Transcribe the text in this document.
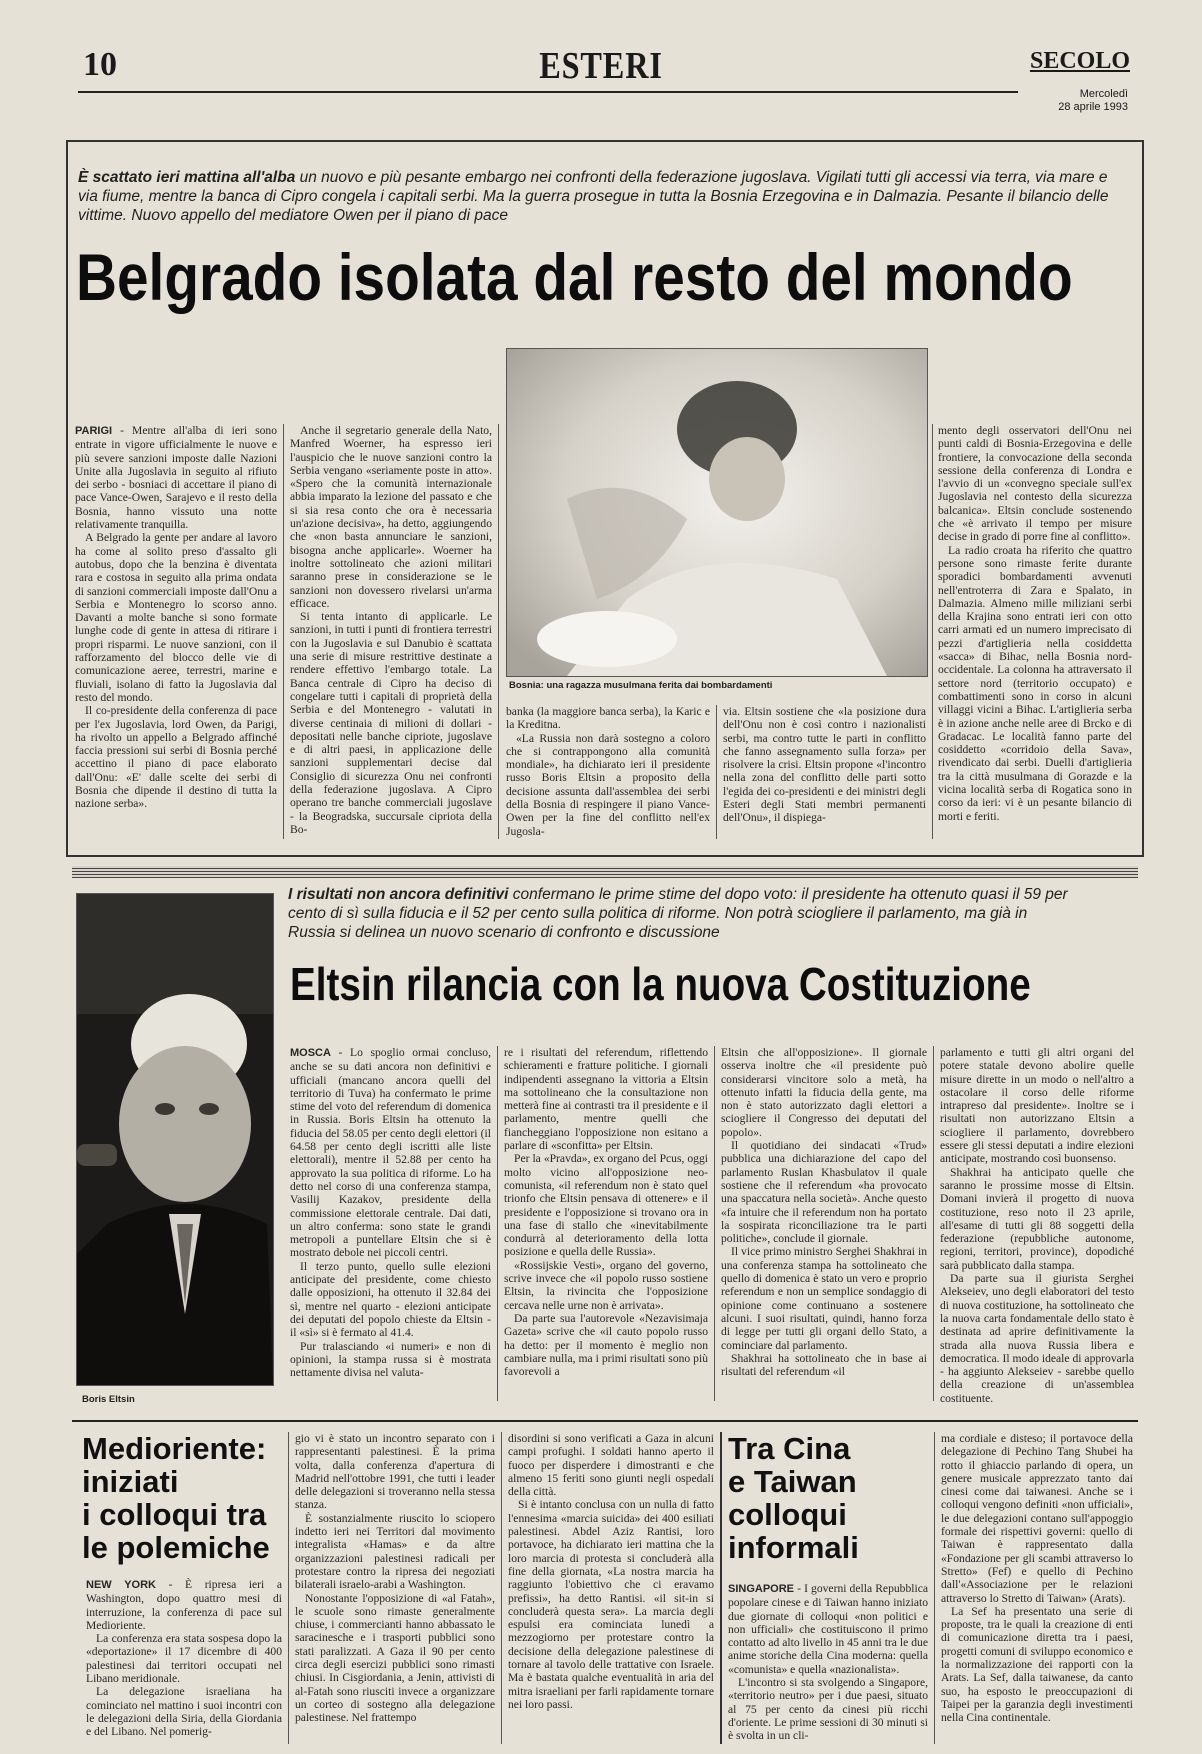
10	ESTERI	SECOLO
Mercoledì
28 aprile 1993
È scattato ieri mattina all'alba un nuovo e più pesante embargo nei confronti della federazione jugoslava. Vigilati tutti gli accessi via terra, via mare e via fiume, mentre la banca di Cipro congela i capitali serbi. Ma la guerra prosegue in tutta la Bosnia Erzegovina e in Dalmazia. Pesante il bilancio delle vittime. Nuovo appello del mediatore Owen per il piano di pace
Belgrado isolata dal resto del mondo
Bosnia: una ragazza musulmana ferita dai bombardamenti

PARIGI - Mentre all'alba di ieri sono entrate in vigore ufficialmente le nuove e più severe sanzioni imposte dalle Nazioni Unite alla Jugoslavia in seguito al rifiuto dei serbo - bosniaci di accettare il piano di pace Vance-Owen, Sarajevo e il resto della Bosnia, hanno vissuto una notte relativamente tranquilla.

A Belgrado la gente per andare al lavoro ha come al solito preso d'assalto gli autobus, dopo che la benzina è diventata rara e costosa in seguito alla prima ondata di sanzioni commerciali imposte dall'Onu a Serbia e Montenegro lo scorso anno. Davanti a molte banche si sono formate lunghe code di gente in attesa di ritirare i propri risparmi. Le nuove sanzioni, con il rafforzamento del blocco delle vie di comunicazione aeree, terrestri, marine e fluviali, isolano di fatto la Jugoslavia dal resto del mondo.

Il co-presidente della conferenza di pace per l'ex Jugoslavia, lord Owen, da Parigi, ha rivolto un appello a Belgrado affinché faccia pressioni sui serbi di Bosnia perché accettino il piano di pace elaborato dall'Onu: «E' dalle scelte dei serbi di Bosnia che dipende il destino di tutta la nazione serba».

Anche il segretario generale della Nato, Manfred Woerner, ha espresso ieri l'auspicio che le nuove sanzioni contro la Serbia vengano «seriamente poste in atto». «Spero che la comunità internazionale abbia imparato la lezione del passato e che si sia resa conto che ora è necessaria un'azione decisiva», ha detto, aggiungendo che «non basta annunciare le sanzioni, bisogna anche applicarle». Woerner ha inoltre sottolineato che azioni militari saranno prese in considerazione se le sanzioni non dovessero rivelarsi un'arma efficace.

Si tenta intanto di applicarle. Le sanzioni, in tutti i punti di frontiera terrestri con la Jugoslavia e sul Danubio è scattata una serie di misure restrittive destinate a rendere effettivo l'embargo totale. La Banca centrale di Cipro ha deciso di congelare tutti i capitali di proprietà della Serbia e del Montenegro - valutati in diverse centinaia di milioni di dollari - depositati nelle banche cipriote, jugoslave e di altri paesi, in applicazione delle sanzioni supplementari decise dal Consiglio di sicurezza Onu nei confronti della federazione jugoslava. A Cipro operano tre banche commerciali jugoslave - la Beogradska, succursale cipriota della Bo-

banka (la maggiore banca serba), la Karic e la Kreditna.

«La Russia non darà sostegno a coloro che si contrappongono alla comunità mondiale», ha dichiarato ieri il presidente russo Boris Eltsin a proposito della decisione assunta dall'assemblea dei serbi della Bosnia di respingere il piano Vance-Owen per la fine del conflitto nell'ex Jugosla-

via. Eltsin sostiene che «la posizione dura dell'Onu non è così contro i nazionalisti serbi, ma contro tutte le parti in conflitto che fanno assegnamento sulla forza» per risolvere la crisi. Eltsin propone «l'incontro nella zona del conflitto delle parti sotto l'egida dei co-presidenti e dei ministri degli Esteri degli Stati membri permanenti dell'Onu», il dispiega-

mento degli osservatori dell'Onu nei punti caldi di Bosnia-Erzegovina e delle frontiere, la convocazione della seconda sessione della conferenza di Londra e l'avvio di un «convegno speciale sull'ex Jugoslavia nel contesto della sicurezza balcanica». Eltsin conclude sostenendo che «è arrivato il tempo per misure decise in grado di porre fine al conflitto».

La radio croata ha riferito che quattro persone sono rimaste ferite durante sporadici bombardamenti avvenuti nell'entroterra di Zara e Spalato, in Dalmazia. Almeno mille miliziani serbi della Krajina sono entrati ieri con otto carri armati ed un numero imprecisato di pezzi d'artiglieria nella cosiddetta «sacca» di Bihac, nella Bosnia nord-occidentale. La colonna ha attraversato il settore nord (territorio occupato) e combattimenti sono in corso in alcuni villaggi vicini a Bihac. L'artiglieria serba è in azione anche nelle aree di Brcko e di Gradacac. Le località fanno parte del cosiddetto «corridoio della Sava», rivendicato dai serbi. Duelli d'artiglieria tra la città musulmana di Gorazde e la vicina località serba di Rogatica sono in corso da ieri: vi è un pesante bilancio di morti e feriti.

Boris Eltsin
I risultati non ancora definitivi confermano le prime stime del dopo voto: il presidente ha ottenuto quasi il 59 per cento di sì sulla fiducia e il 52 per cento sulla politica di riforme. Non potrà sciogliere il parlamento, ma già in Russia si delinea un nuovo scenario di confronto e discussione
Eltsin rilancia con la nuova Costituzione

MOSCA - Lo spoglio ormai concluso, anche se su dati ancora non definitivi e ufficiali (mancano ancora quelli del territorio di Tuva) ha confermato le prime stime del voto del referendum di domenica in Russia. Boris Eltsin ha ottenuto la fiducia del 58.05 per cento degli elettori (il 64.58 per cento degli iscritti alle liste elettorali), mentre il 52.88 per cento ha approvato la sua politica di riforme. Lo ha detto nel corso di una conferenza stampa, Vasilij Kazakov, presidente della commissione elettorale centrale. Dai dati, un altro conferma: sono state le grandi metropoli a puntellare Eltsin che si è mostrato debole nei piccoli centri.

Il terzo punto, quello sulle elezioni anticipate del presidente, come chiesto dalle opposizioni, ha ottenuto il 32.84 dei sì, mentre nel quarto - elezioni anticipate dei deputati del popolo chieste da Eltsin - il «sì» si è fermato al 41.4.

Pur tralasciando «i numeri» e non di opinioni, la stampa russa si è mostrata nettamente divisa nel valuta-

re i risultati del referendum, riflettendo schieramenti e fratture politiche. I giornali indipendenti assegnano la vittoria a Eltsin ma sottolineano che la consultazione non metterà fine ai contrasti tra il presidente e il parlamento, mentre quelli che fiancheggiano l'opposizione non esitano a parlare di «sconfitta» per Eltsin.

Per la «Pravda», ex organo del Pcus, oggi molto vicino all'opposizione neo-comunista, «il referendum non è stato quel trionfo che Eltsin pensava di ottenere» e il presidente e l'opposizione si trovano ora in una fase di stallo che «inevitabilmente condurrà al deterioramento della lotta posizione e quella delle Russia».

«Rossijskie Vesti», organo del governo, scrive invece che «il popolo russo sostiene Eltsin, la rivincita che l'opposizione cercava nelle urne non è arrivata».

Da parte sua l'autorevole «Nezavisimaja Gazeta» scrive che «il cauto popolo russo ha detto: per il momento è meglio non cambiare nulla, ma i primi risultati sono più favorevoli a

Eltsin che all'opposizione». Il giornale osserva inoltre che «il presidente può considerarsi vincitore solo a metà, ha ottenuto infatti la fiducia della gente, ma non è stato autorizzato dagli elettori a sciogliere il Congresso dei deputati del popolo».

Il quotidiano dei sindacati «Trud» pubblica una dichiarazione del capo del parlamento Ruslan Khasbulatov il quale sostiene che il referendum «ha provocato una spaccatura nella società». Anche questo «fa intuire che il referendum non ha portato la sospirata riconciliazione tra le parti politiche», conclude il giornale.

Il vice primo ministro Serghei Shakhrai in una conferenza stampa ha sottolineato che quello di domenica è stato un vero e proprio referendum e non un semplice sondaggio di opinione come continuano a sostenere alcuni. I suoi risultati, quindi, hanno forza di legge per tutti gli organi dello Stato, a cominciare dal parlamento.

Shakhrai ha sottolineato che in base ai risultati del referendum «il

parlamento e tutti gli altri organi del potere statale devono abolire quelle misure dirette in un modo o nell'altro a ostacolare il corso delle riforme intrapreso dal presidente». Inoltre se i risultati non autorizzano Eltsin a sciogliere il parlamento, dovrebbero essere gli stessi deputati a indire elezioni anticipate, mostrando così buonsenso.

Shakhrai ha anticipato quelle che saranno le prossime mosse di Eltsin. Domani invierà il progetto di nuova costituzione, reso noto il 23 aprile, all'esame di tutti gli 88 soggetti della federazione (repubbliche autonome, regioni, territori, province), dopodiché sarà pubblicato dalla stampa.

Da parte sua il giurista Serghei Alekseiev, uno degli elaboratori del testo di nuova costituzione, ha sottolineato che la nuova carta fondamentale dello stato è destinata ad aprire definitivamente la strada alla nuova Russia libera e democratica. Il modo ideale di approvarla - ha aggiunto Alekseiev - sarebbe quello della creazione di un'assemblea costituente.

Medioriente:
iniziati
i colloqui tra
le polemiche

NEW YORK - È ripresa ieri a Washington, dopo quattro mesi di interruzione, la conferenza di pace sul Medioriente.

La conferenza era stata sospesa dopo la «deportazione» il 17 dicembre di 400 palestinesi dai territori occupati nel Libano meridionale.

La delegazione israeliana ha cominciato nel mattino i suoi incontri con le delegazioni della Siria, della Giordania e del Libano. Nel pomerig-

gio vi è stato un incontro separato con i rappresentanti palestinesi. È la prima volta, dalla conferenza d'apertura di Madrid nell'ottobre 1991, che tutti i leader delle delegazioni si troveranno nella stessa stanza.

È sostanzialmente riuscito lo sciopero indetto ieri nei Territori dal movimento integralista «Hamas» e da altre organizzazioni palestinesi radicali per protestare contro la ripresa dei negoziati bilaterali israelo-arabi a Washington.

Nonostante l'opposizione di «al Fatah», le scuole sono rimaste generalmente chiuse, i commercianti hanno abbassato le saracinesche e i trasporti pubblici sono stati paralizzati. A Gaza il 90 per cento circa degli esercizi pubblici sono rimasti chiusi. In Cisgiordania, a Jenin, attivisti di al-Fatah sono riusciti invece a organizzare un corteo di sostegno alla delegazione palestinese. Nel frattempo

disordini si sono verificati a Gaza in alcuni campi profughi. I soldati hanno aperto il fuoco per disperdere i dimostranti e che almeno 15 feriti sono giunti negli ospedali della città.

Si è intanto conclusa con un nulla di fatto l'ennesima «marcia suicida» dei 400 esiliati palestinesi. Abdel Aziz Rantisi, loro portavoce, ha dichiarato ieri mattina che la loro marcia di protesta si concluderà alla fine della giornata, «La nostra marcia ha raggiunto l'obiettivo che ci eravamo prefissi», ha detto Rantisi. «il sit-in si concluderà questa sera». La marcia degli espulsi era cominciata lunedì a mezzogiorno per protestare contro la decisione della delegazione palestinese di tornare al tavolo delle trattative con Israele. Ma è bastata qualche eventualità in aria del mitra israeliani per farli rapidamente tornare nei loro passi.

Tra Cina
e Taiwan
colloqui
informali

SINGAPORE - I governi della Repubblica popolare cinese e di Taiwan hanno iniziato due giornate di colloqui «non politici e non ufficiali» che costituiscono il primo contatto ad alto livello in 45 anni tra le due anime storiche della Cina moderna: quella «comunista» e quella «nazionalista».

L'incontro si sta svolgendo a Singapore, «territorio neutro» per i due paesi, situato al 75 per cento da cinesi più ricchi d'oriente. Le prime sessioni di 30 minuti si è svolta in un cli-

ma cordiale e disteso; il portavoce della delegazione di Pechino Tang Shubei ha rotto il ghiaccio parlando di opera, un genere musicale apprezzato tanto dai cinesi come dai taiwanesi. Anche se i colloqui vengono definiti «non ufficiali», le due delegazioni contano sull'appoggio formale dei rispettivi governi: quello di Taiwan è rappresentato dalla «Fondazione per gli scambi attraverso lo Stretto» (Fef) e quello di Pechino dall'«Associazione per le relazioni attraverso lo Stretto di Taiwan» (Arats).

La Sef ha presentato una serie di proposte, tra le quali la creazione di enti di comunicazione diretta tra i paesi, progetti comuni di sviluppo economico e la normalizzazione dei rapporti con la Arats. La Sef, dalla taiwanese, da canto suo, ha esposto le preoccupazioni di Taipei per la garanzia degli investimenti nella Cina continentale.
